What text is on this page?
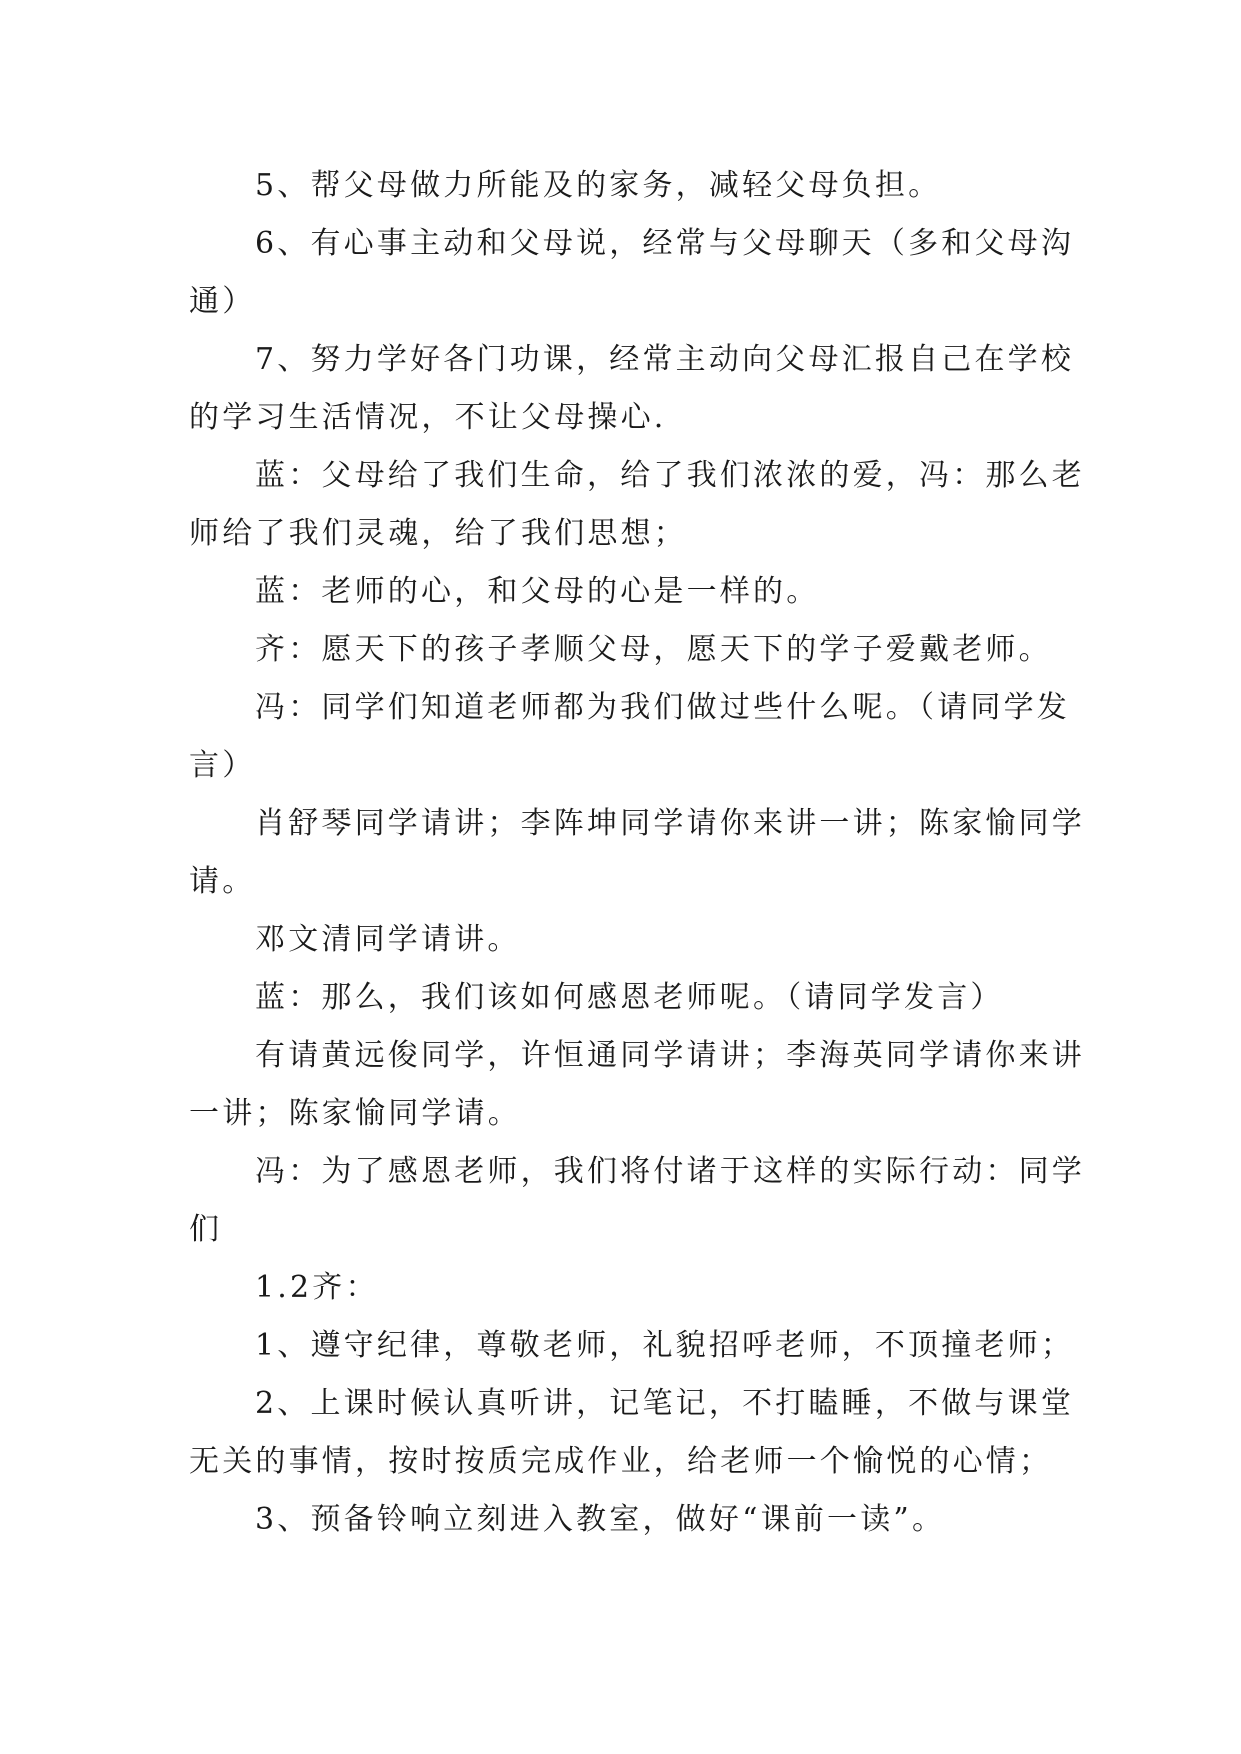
5、帮父母做力所能及的家务，减轻父母负担。

6、有心事主动和父母说，经常与父母聊天（多和父母沟通）

7、努力学好各门功课，经常主动向父母汇报自己在学校的学习生活情况，不让父母操心.

蓝：父母给了我们生命，给了我们浓浓的爱，冯：那么老师给了我们灵魂，给了我们思想；

蓝：老师的心，和父母的心是一样的。

齐：愿天下的孩子孝顺父母，愿天下的学子爱戴老师。

冯：同学们知道老师都为我们做过些什么呢。（请同学发言）

肖舒琴同学请讲；李阵坤同学请你来讲一讲；陈家愉同学请。

邓文清同学请讲。

蓝：那么，我们该如何感恩老师呢。（请同学发言）

有请黄远俊同学，许恒通同学请讲；李海英同学请你来讲一讲；陈家愉同学请。

冯：为了感恩老师，我们将付诸于这样的实际行动：同学们

1.2齐：

1、遵守纪律，尊敬老师，礼貌招呼老师，不顶撞老师；

2、上课时候认真听讲，记笔记，不打瞌睡，不做与课堂无关的事情，按时按质完成作业，给老师一个愉悦的心情；

3、预备铃响立刻进入教室，做好“课前一读”。
